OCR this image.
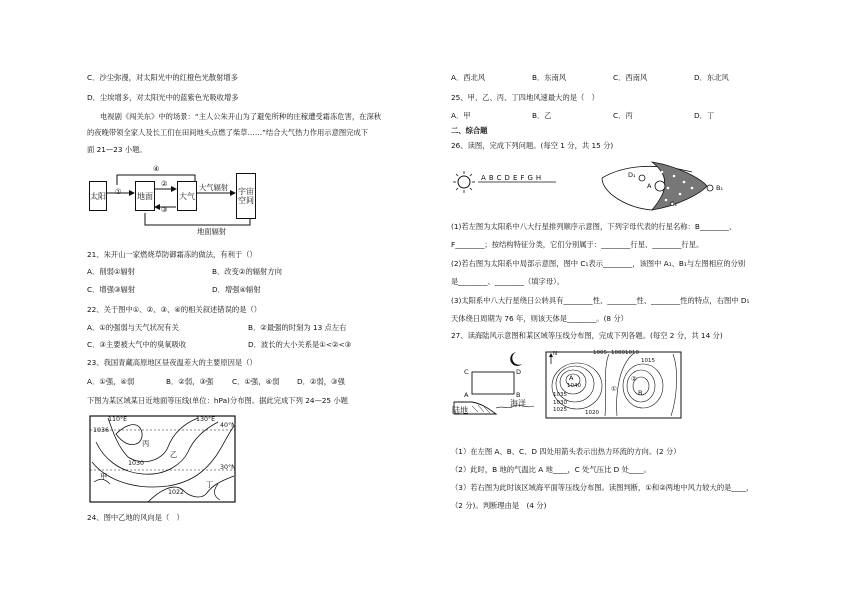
C．沙尘弥漫，对太阳光中的红橙色光散射增多
D．尘埃增多，对太阳光中的蓝紫色光吸收增多
电视剧《闯关东》中的场景：“主人公朱开山为了避免所种的庄稼遭受霜冻危害，在深秋
的夜晚带领全家人及长工们在田间地头点燃了柴草……”结合大气热力作用示意图完成下
面 21—23 小题。
太阳	地面	大气	宇宙空间
①
②
③
④
大气辐射
地面辐射
21、朱开山一家燃烧草防御霜冻的做法，有利于（）
A．削弱①辐射	B．改变②的辐射方向
C．增强③辐射	D．增强④辐射
22、关于图中①、②、③、④的相关叙述错误的是（）
A．①的强弱与天气状况有关	B．②最强的时刻为 13 点左右
C．③主要被大气中的臭氧吸收	D．波长的大小关系是①<②<③
23、我国青藏高原地区昼夜温差大的主要原因是（）
A．①强，④弱	B．②弱，③强	C．①强，④弱 D．②弱，③强
下图为某区域某日近地面等压线(单位：hPa)分布图。据此完成下列 24—25 小题
110°E	130°E
40°N
30°N
1036
1030
1022
丙
乙
甲
丁
24、图中乙地的风向是（　）
A．西北风	B．东南风	C．西南风	D．东北风
25、甲、乙、丙、丁四地风速最大的是（　）
A．甲	B．乙	C．丙	D．丁
二、综合题
26、读图，完成下列问题。(每空 1 分，共 15 分)
A B C D E F G H	D₁
A	B₁
C₁
(1)若左图为太阳系中八大行星排列顺序示意图，下列字母代表的行星名称：B________、
F________；按结构特征分类，它们分别属于：________行星、________行星。
(2)若右图为太阳系中局部示意图，图中 C₁表示________，该图中 A₁、B₁与左图相应的分别
是________、________（填字母）。
(3)太阳系中八大行星绕日公转具有________性、________性、________性的特点，右图中 D₁
天体绕日周期为 76 年，则该天体是________。(8 分）
27、读海陆风示意图和某区域等压线分布图，完成下列各题。(每空 2 分，共 14 分)
C	D
A	B
陆地
海洋
N	1005 1000 1010
1015
1040
1035
1030
1025	1020
A
B
①
②
（1）在左图 A、B、C、D 四处用箭头表示出热力环流的方向。(2 分）
（2）此时，B 地的气温比 A 地____，C 处气压比 D 处____。
（3）若右图为此时该区域海平面等压线分布图。读图判断，①和②两地中风力较大的是____，
（2 分)。判断理由是　(4 分)
